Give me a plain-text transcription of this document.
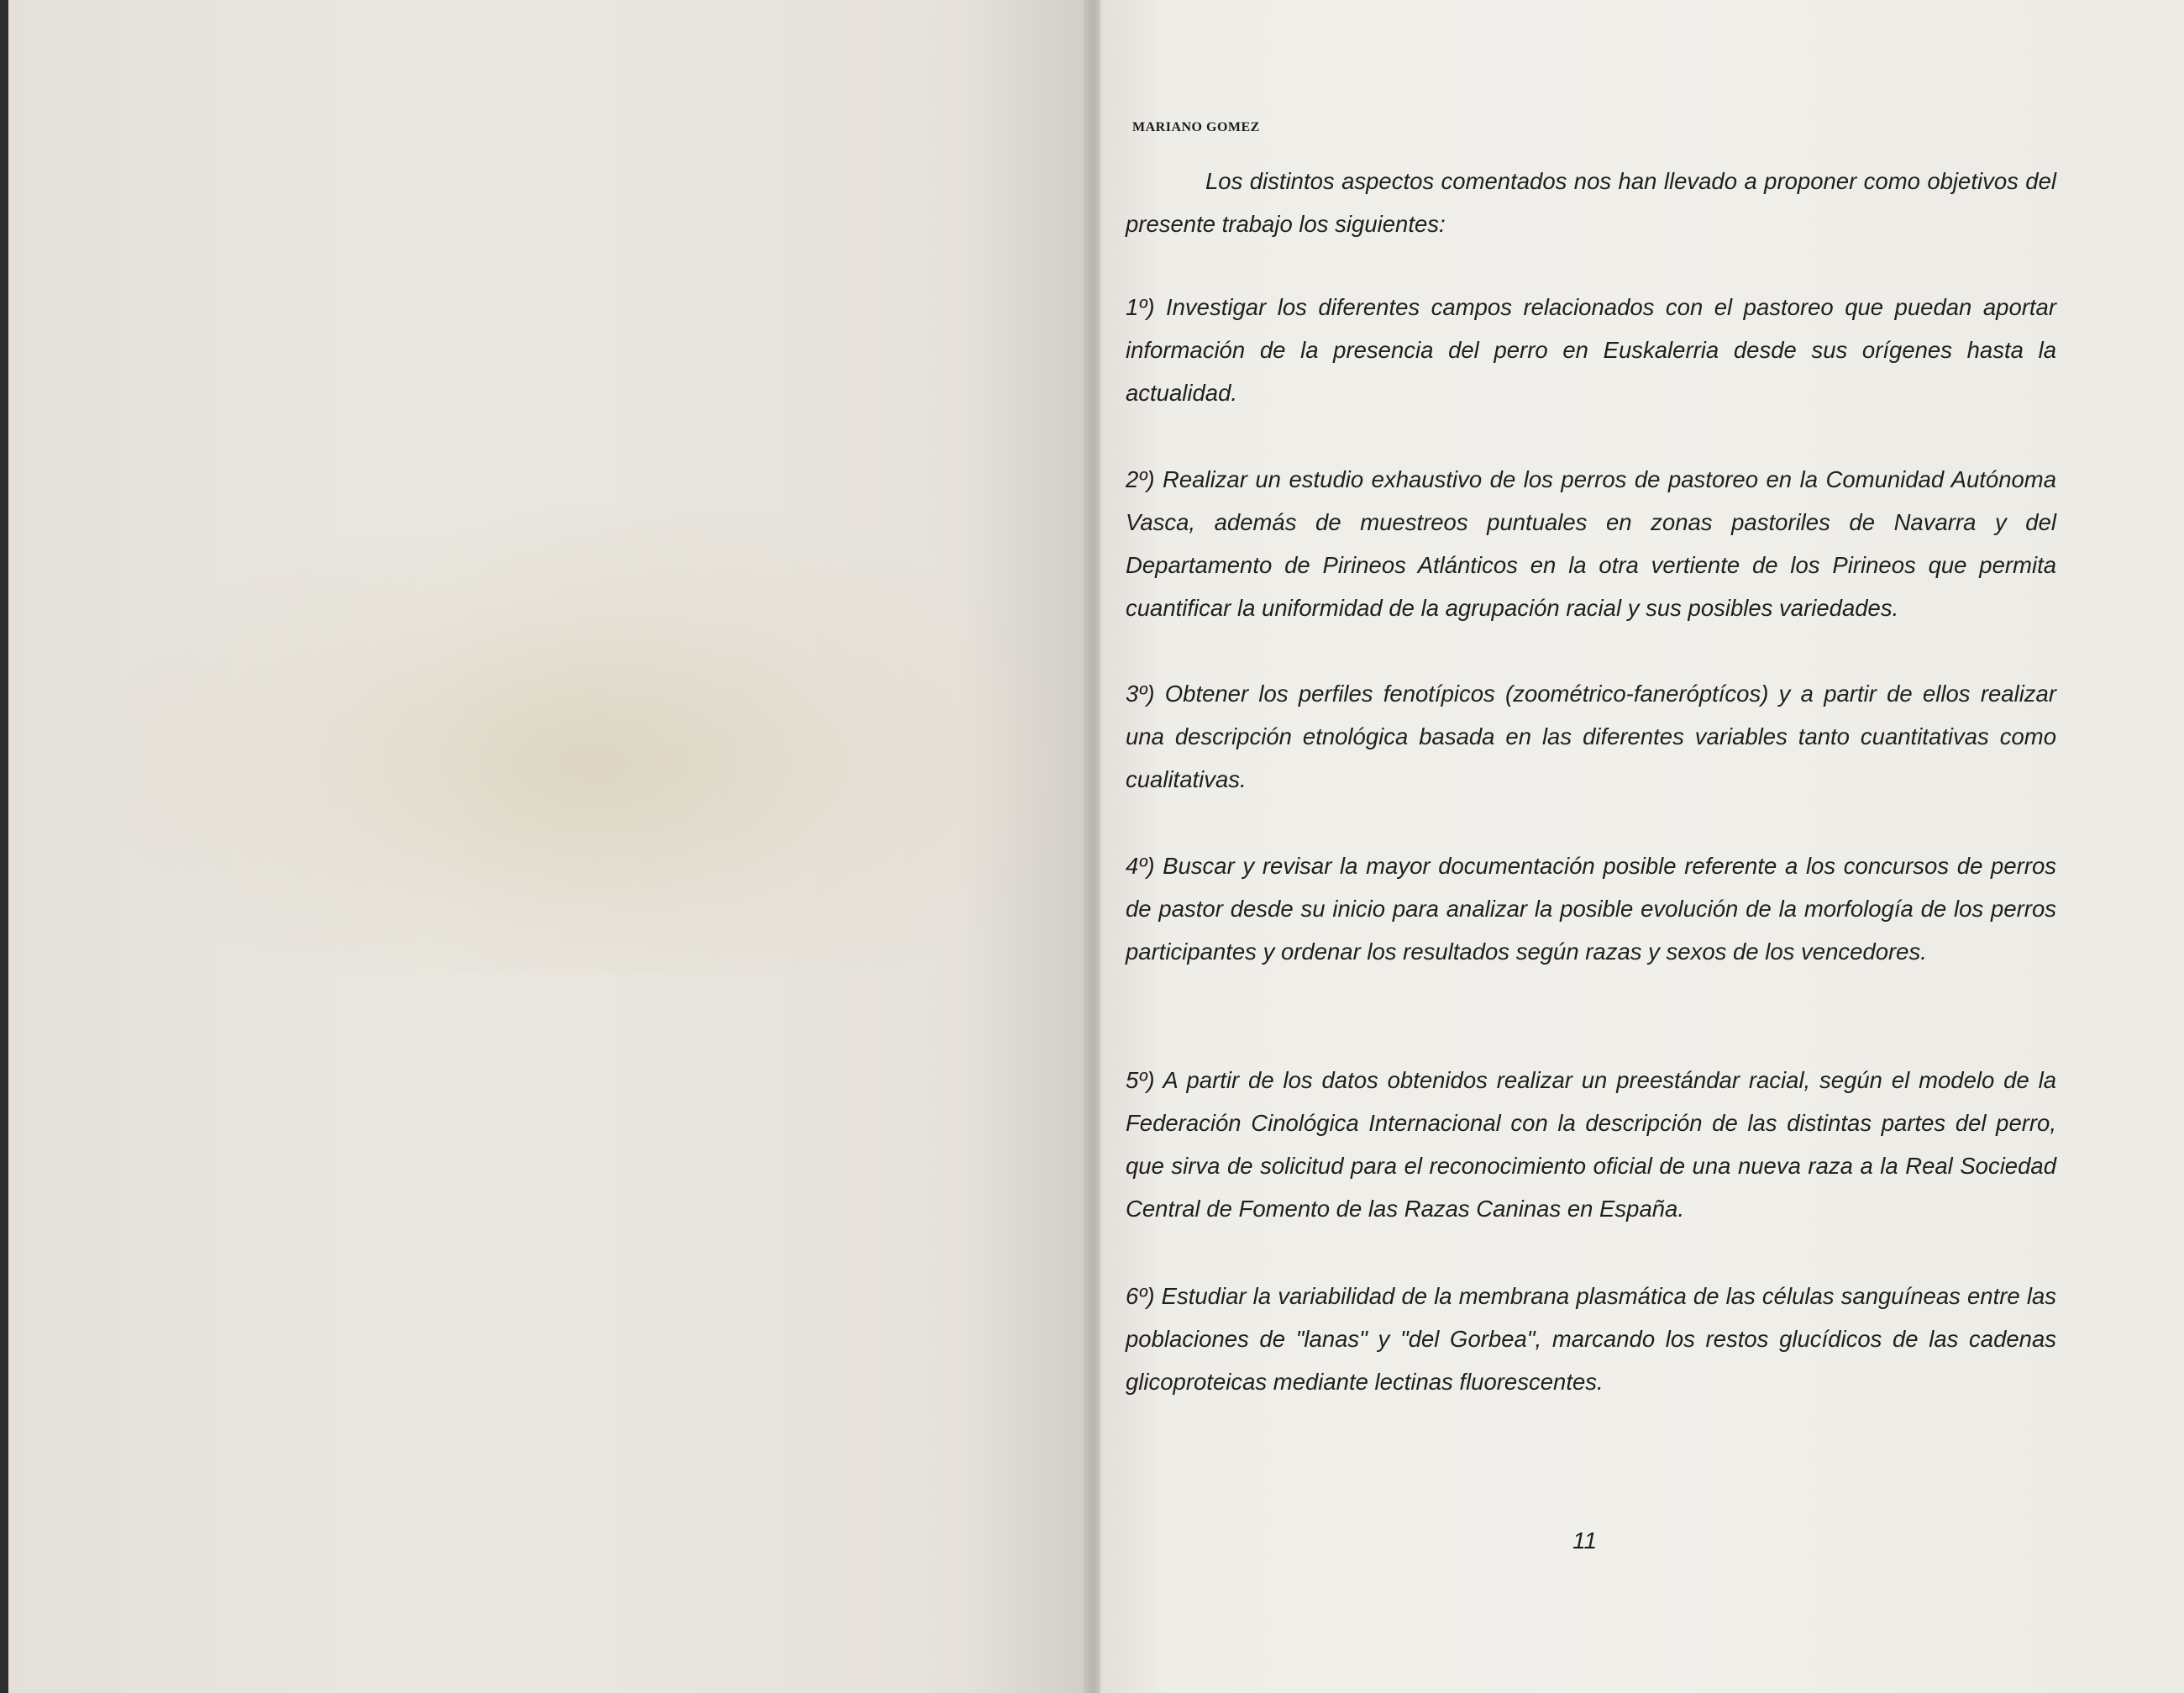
MARIANO GOMEZ

Los distintos aspectos comentados nos han llevado a proponer como objetivos del presente trabajo los siguientes:

1º) Investigar los diferentes campos relacionados con el pastoreo que puedan aportar información de la presencia del perro en Euskalerria desde sus orígenes hasta la actualidad.

2º) Realizar un estudio exhaustivo de los perros de pastoreo en la Comunidad Autónoma Vasca, además de muestreos puntuales en zonas pastoriles de Navarra y del Departamento de Pirineos Atlánticos en la otra vertiente de los Pirineos que permita cuantificar la uniformidad de la agrupación racial y sus posibles variedades.

3º) Obtener los perfiles fenotípicos (zoométrico-faneróptícos) y a partir de ellos realizar una descripción etnológica basada en las diferentes variables tanto cuantitativas como cualitativas.

4º) Buscar y revisar la mayor documentación posible referente a los concursos de perros de pastor desde su inicio para analizar la posible evolución de la morfología de los perros participantes y ordenar los resultados según razas y sexos de los vencedores.

5º) A partir de los datos obtenidos realizar un preestándar racial, según el modelo de la Federación Cinológica Internacional con la descripción de las distintas partes del perro, que sirva de solicitud para el reconocimiento oficial de una nueva raza a la Real Sociedad Central de Fomento de las Razas Caninas en España.

6º) Estudiar la variabilidad de la membrana plasmática de las células sanguíneas entre las poblaciones de "lanas" y "del Gorbea", marcando los restos glucídicos de las cadenas glicoproteicas mediante lectinas fluorescentes.

11
